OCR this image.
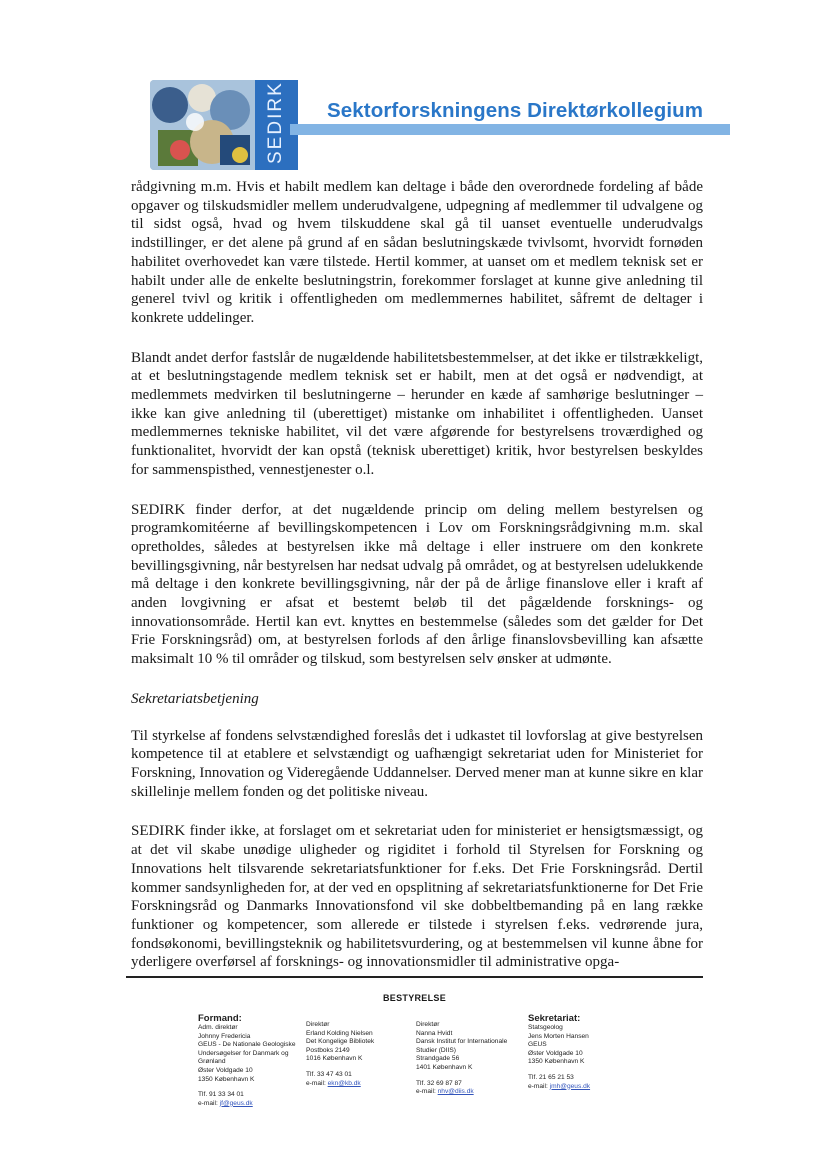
SEDIRK	Sektorforskningens Direktørkollegium

rådgivning m.m. Hvis et habilt medlem kan deltage i både den overordnede fordeling af både opgaver og tilskudsmidler mellem underudvalgene, udpegning af medlemmer til udvalgene og til sidst også, hvad og hvem tilskuddene skal gå til uanset eventuelle underudvalgs indstillinger, er det alene på grund af en sådan beslutningskæde tvivlsomt, hvorvidt fornøden habilitet overhovedet kan være tilstede. Hertil kommer, at uanset om et medlem teknisk set er habilt under alle de enkelte beslutningstrin, forekommer forslaget at kunne give anledning til generel tvivl og kritik i offentligheden om medlemmernes habilitet, såfremt de deltager i konkrete uddelinger.

Blandt andet derfor fastslår de nugældende habilitetsbestemmelser, at det ikke er tilstrækkeligt, at et beslutningstagende medlem teknisk set er habilt, men at det også er nødvendigt, at medlemmets medvirken til beslutningerne – herunder en kæde af samhørige beslutninger – ikke kan give anledning til (uberettiget) mistanke om inhabilitet i offentligheden. Uanset medlemmernes tekniske habilitet, vil det være afgørende for bestyrelsens troværdighed og funktionalitet, hvorvidt der kan opstå (teknisk uberettiget) kritik, hvor bestyrelsen beskyldes for sammenspisthed, vennestjenester o.l.

SEDIRK finder derfor, at det nugældende princip om deling mellem bestyrelsen og programkomitéerne af bevillingskompetencen i Lov om Forskningsrådgivning m.m. skal opretholdes, således at bestyrelsen ikke må deltage i eller instruere om den konkrete bevillingsgivning, når bestyrelsen har nedsat udvalg på området, og at bestyrelsen udelukkende må deltage i den konkrete bevillingsgivning, når der på de årlige finanslove eller i kraft af anden lovgivning er afsat et bestemt beløb til det pågældende forsknings- og innovationsområde. Hertil kan evt. knyttes en bestemmelse (således som det gælder for Det Frie Forskningsråd) om, at bestyrelsen forlods af den årlige finanslovsbevilling kan afsætte maksimalt 10 % til områder og tilskud, som bestyrelsen selv ønsker at udmønte.

Sekretariatsbetjening

Til styrkelse af fondens selvstændighed foreslås det i udkastet til lovforslag at give bestyrelsen kompetence til at etablere et selvstændigt og uafhængigt sekretariat uden for Ministeriet for Forskning, Innovation og Videregående Uddannelser. Derved mener man at kunne sikre en klar skillelinje mellem fonden og det politiske niveau.

SEDIRK finder ikke, at forslaget om et sekretariat uden for ministeriet er hensigtsmæssigt, og at det vil skabe unødige uligheder og rigiditet i forhold til Styrelsen for Forskning og Innovations helt tilsvarende sekretariatsfunktioner for f.eks. Det Frie Forskningsråd. Dertil kommer sandsynligheden for, at der ved en opsplitning af sekretariatsfunktionerne for Det Frie Forskningsråd og Danmarks Innovationsfond vil ske dobbeltbemanding på en lang række funktioner og kompetencer, som allerede er tilstede i styrelsen f.eks. vedrørende jura, fondsøkonomi, bevillingsteknik og habilitetsvurdering, og at bestemmelsen vil kunne åbne for yderligere overførsel af forsknings- og innovationsmidler til administrative opga-

BESTYRELSE
Formand:
Adm. direktør
Johnny Fredericia
GEUS - De Nationale Geologiske
Undersøgelser for Danmark og
Grønland
Øster Voldgade 10
1350 København K
Tlf. 91 33 34 01
e-mail: jf@geus.dk
Direktør
Erland Kolding Nielsen
Det Kongelige Bibliotek
Postboks 2149
1016 København K
Tlf. 33 47 43 01
e-mail: ekn@kb.dk
Direktør
Nanna Hvidt
Dansk Institut for Internationale
Studier (DIIS)
Strandgade 56
1401 København K
Tlf. 32 69 87 87
e-mail: nhv@diis.dk
Sekretariat:
Statsgeolog
Jens Morten Hansen
GEUS
Øster Voldgade 10
1350 København K
Tlf. 21 65 21 53
e-mail: jmh@geus.dk
